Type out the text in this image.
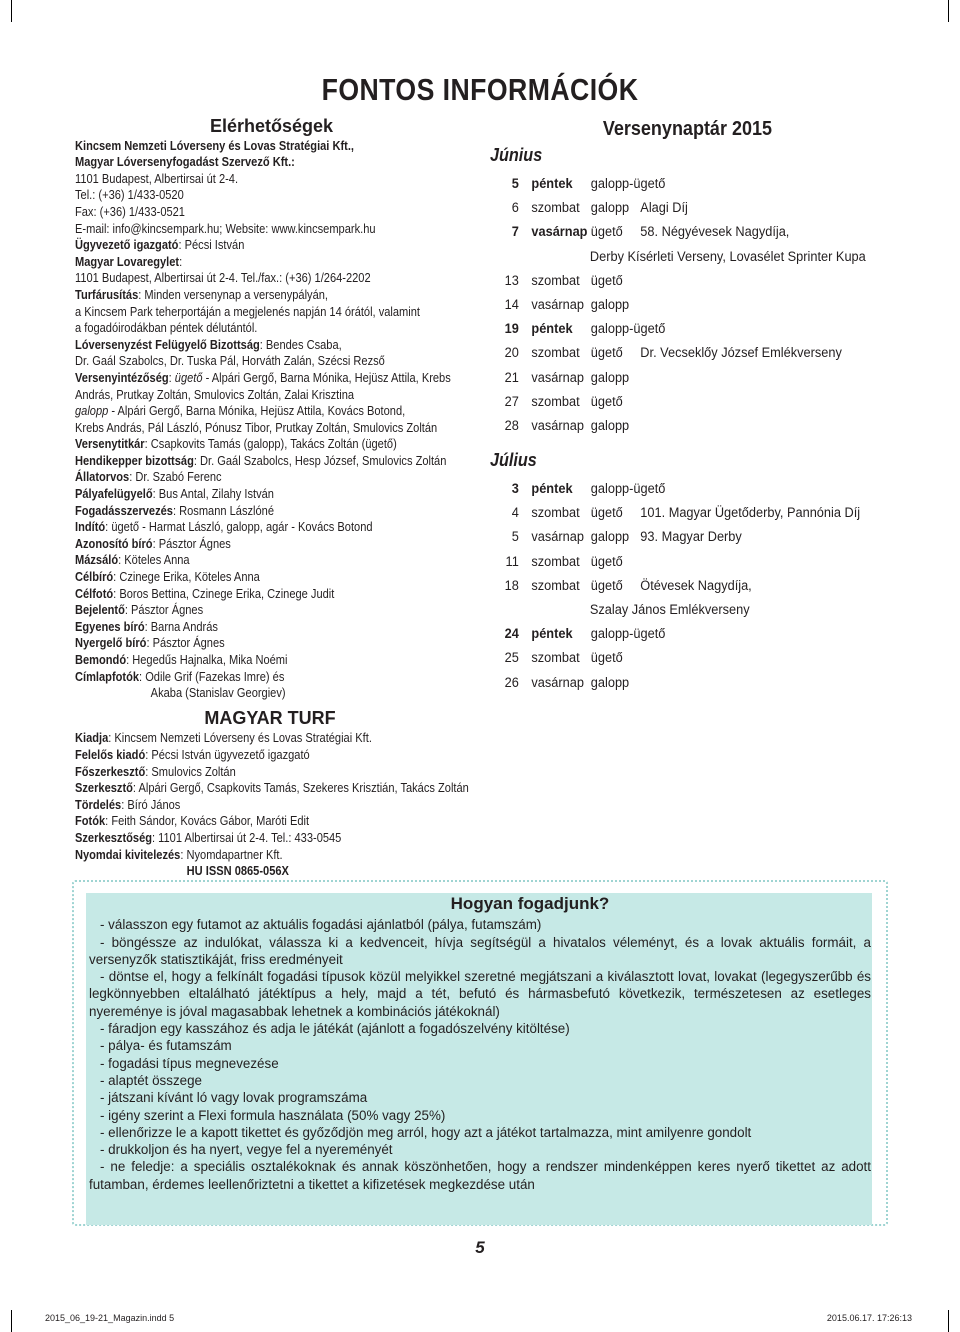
FONTOS INFORMÁCIÓK
Elérhetőségek
Kincsem Nemzeti Lóverseny és Lovas Stratégiai Kft.,
Magyar Lóversenyfogadást Szervező Kft.:
1101 Budapest, Albertirsai út 2-4.
Tel.: (+36) 1/433-0520
Fax: (+36) 1/433-0521
E-mail: info@kincsempark.hu; Website: www.kincsempark.hu
Ügyvezető igazgató: Pécsi István
Magyar Lovaregylet:
1101 Budapest, Albertirsai út 2-4. Tel./fax.: (+36) 1/264-2202
Turfárusítás: Minden versenynap a versenypályán,
a Kincsem Park teherportáján a megjelenés napján 14 órától, valamint
a fogadóirodákban péntek délutántól.
Lóversenyzést Felügyelő Bizottság: Bendes Csaba,
Dr. Gaál Szabolcs, Dr. Tuska Pál, Horváth Zalán, Szécsi Rezső
Versenyintézőség: ügető - Alpári Gergő, Barna Mónika, Hejüsz Attila, Krebs
András, Prutkay Zoltán, Smulovics Zoltán, Zalai Krisztina
galopp - Alpári Gergő, Barna Mónika, Hejüsz Attila, Kovács Botond,
Krebs András, Pál László, Pónusz Tibor, Prutkay Zoltán, Smulovics Zoltán
Versenytitkár: Csapkovits Tamás (galopp), Takács Zoltán (ügető)
Hendikepper bizottság: Dr. Gaál Szabolcs, Hesp József, Smulovics Zoltán
Állatorvos: Dr. Szabó Ferenc
Pályafelügyelő: Bus Antal, Zilahy István
Fogadásszervezés: Rosmann Lászlóné
Indító: ügető - Harmat László, galopp, agár - Kovács Botond
Azonosító bíró: Pásztor Ágnes
Mázsáló: Köteles Anna
Célbíró: Czinege Erika, Köteles Anna
Célfotó: Boros Bettina, Czinege Erika, Czinege Judit
Bejelentő: Pásztor Ágnes
Egyenes bíró: Barna András
Nyergelő bíró: Pásztor Ágnes
Bemondó: Hegedűs Hajnalka, Mika Noémi
Címlapfotók: Odile Grif (Fazekas Imre) és
Akaba (Stanislav Georgiev)
MAGYAR TURF
Kiadja: Kincsem Nemzeti Lóverseny és Lovas Stratégiai Kft.
Felelős kiadó: Pécsi István ügyvezető igazgató
Főszerkesztő: Smulovics Zoltán
Szerkesztő: Alpári Gergő, Csapkovits Tamás, Szekeres Krisztián, Takács Zoltán
Tördelés: Bíró János
Fotók: Feith Sándor, Kovács Gábor, Maróti Edit
Szerkesztőség: 1101 Albertirsai út 2-4. Tel.: 433-0545
Nyomdai kivitelezés: Nyomdapartner Kft.
HU ISSN 0865-056X
Versenynaptár 2015
Június
5 péntek	galopp-ügető
6 szombat galopp Alagi Díj
7 vasárnap ügető	58. Négyévesek Nagydíja,
Derby Kísérleti Verseny, Lovasélet Sprinter Kupa
13 szombat ügető
14 vasárnap galopp
19 péntek	galopp-ügető
20 szombat ügető	Dr. Vecseklőy József Emlékverseny
21 vasárnap galopp
27 szombat ügető
28 vasárnap galopp
Július
3 péntek	galopp-ügető
4 szombat ügető	101. Magyar Ügetőderby, Pannónia Díj
5 vasárnap galopp 93. Magyar Derby
11 szombat ügető
18 szombat ügető	Ötévesek Nagydíja,
Szalay János Emlékverseny
24 péntek	galopp-ügető
25 szombat ügető
26 vasárnap galopp
Hogyan fogadjunk?
- válasszon egy futamot az aktuális fogadási ajánlatból (pálya, futamszám)
- böngéssze az indulókat, válassza ki a kedvenceit, hívja segítségül a hivatalos véleményt, és a lovak aktuális formáit, a versenyzők statisztikáját, friss eredményeit
- döntse el, hogy a felkínált fogadási típusok közül melyikkel szeretné megjátszani a kiválasztott lovat, lovakat (legegyszerűbb és legkönnyebben eltalálható játéktípus a hely, majd a tét, befutó és hármasbefutó következik, természetesen az esetleges nyereménye is jóval magasabbak lehetnek a kombinációs játékoknál)
- fáradjon egy kasszához és adja le játékát (ajánlott a fogadószelvény kitöltése)
- pálya- és futamszám
- fogadási típus megnevezése
- alaptét összege
- játszani kívánt ló vagy lovak programszáma
- igény szerint a Flexi formula használata (50% vagy 25%)
- ellenőrizze le a kapott tikettet és győződjön meg arról, hogy azt a játékot tartalmazza, mint amilyenre gondolt
- drukkoljon és ha nyert, vegye fel a nyereményét
- ne feledje: a speciális osztalékoknak és annak köszönhetően, hogy a rendszer mindenképpen keres nyerő tikettet az adott futamban, érdemes leellenőriztetni a tikettet a kifizetések megkezdése után
5
2015_06_19-21_Magazin.indd 5	2015.06.17. 17:26:13
